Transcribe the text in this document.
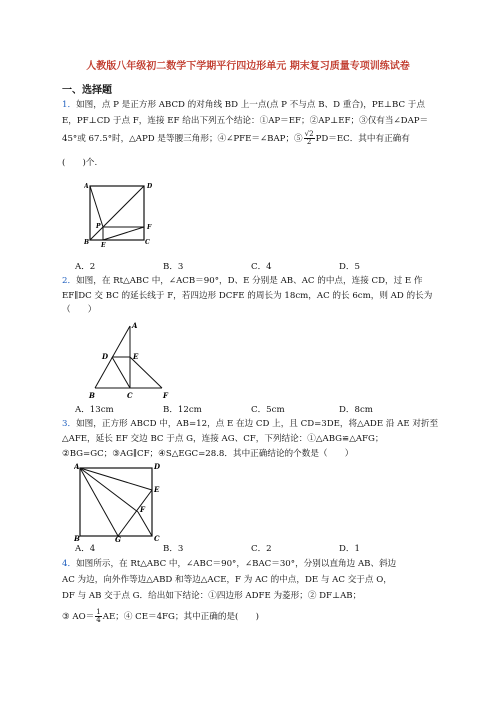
人教版八年级初二数学下学期平行四边形单元 期末复习质量专项训练试卷
一、选择题
1．如图，点 P 是正方形 ABCD 的对角线 BD 上一点(点 P 不与点 B、D 重合)，PE⊥BC 于点
E，PF⊥CD 于点 F，连接 EF 给出下列五个结论：①AP＝EF；②AP⊥EF；③仅有当∠DAP＝
45°或 67.5°时，△APD 是等腰三角形；④∠PFE＝∠BAP；⑤ $\frac{√2}{2} PD=EC$．其中有正确有
(　　)个.
A	D
P	F
B E	C
A．2	B．3	C．4	D．5
2．如图，在 Rt△ABC 中，∠ACB＝90°，D、E 分别是 AB、AC 的中点，连接 CD，过 E 作
EF∥DC 交 BC 的延长线于 F，若四边形 DCFE 的周长为 18cm，AC 的长 6cm，则 AD 的长为
（　　）
A
D	E
B	C	F
A．13cm	B．12cm	C．5cm	D．8cm
3．如图，正方形 ABCD 中，AB=12，点 E 在边 CD 上，且 CD=3DE，将△ADE 沿 AE 对折至
△AFE，延长 EF 交边 BC 于点 G，连接 AG、CF，下列结论：①△ABG≌△AFG；
②BG=GC；③AG∥CF；④S△EGC=28.8．其中正确结论的个数是（　　）
A	D
E
F
B	G	C
A．4	B．3	C．2	D．1
4．如图所示，在 Rt△ABC 中，∠ABC＝90°，∠BAC＝30°，分别以直角边 AB、斜边
AC 为边，向外作等边△ABD 和等边△ACE，F 为 AC 的中点，DE 与 AC 交于点 O，
DF 与 AB 交于点 G．给出如下结论：①四边形 ADFE 为菱形；② DF⊥AB；
③ $AO= \frac{1}{4}$ AE；④ CE＝4FG；其中正确的是(　　)
